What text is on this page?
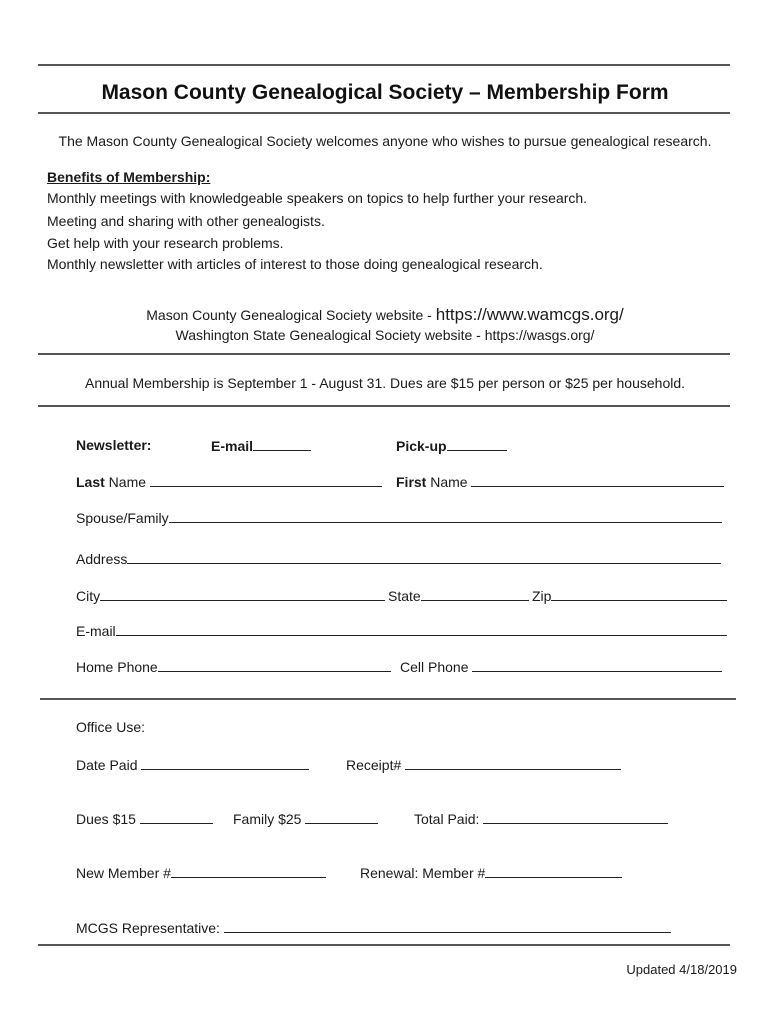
Mason County Genealogical Society – Membership Form
The Mason County Genealogical Society welcomes anyone who wishes to pursue genealogical research.
Benefits of Membership:
Monthly meetings with knowledgeable speakers on topics to help further your research.
Meeting and sharing with other genealogists.
Get help with your research problems.
Monthly newsletter with articles of interest to those doing genealogical research.
Mason County Genealogical Society website - https://www.wamcgs.org/
Washington State Genealogical Society website - https://wasgs.org/
Annual Membership is September 1 - August 31. Dues are $15 per person or $25 per household.
Newsletter:	E-mail	Pick-up
Last Name	First Name
Spouse/Family
Address
City	State	Zip
E-mail
Home Phone	Cell Phone
Office Use:
Date Paid	Receipt#
Dues $15	Family $25	Total Paid:
New Member #	Renewal: Member #
MCGS Representative:
Updated 4/18/2019
